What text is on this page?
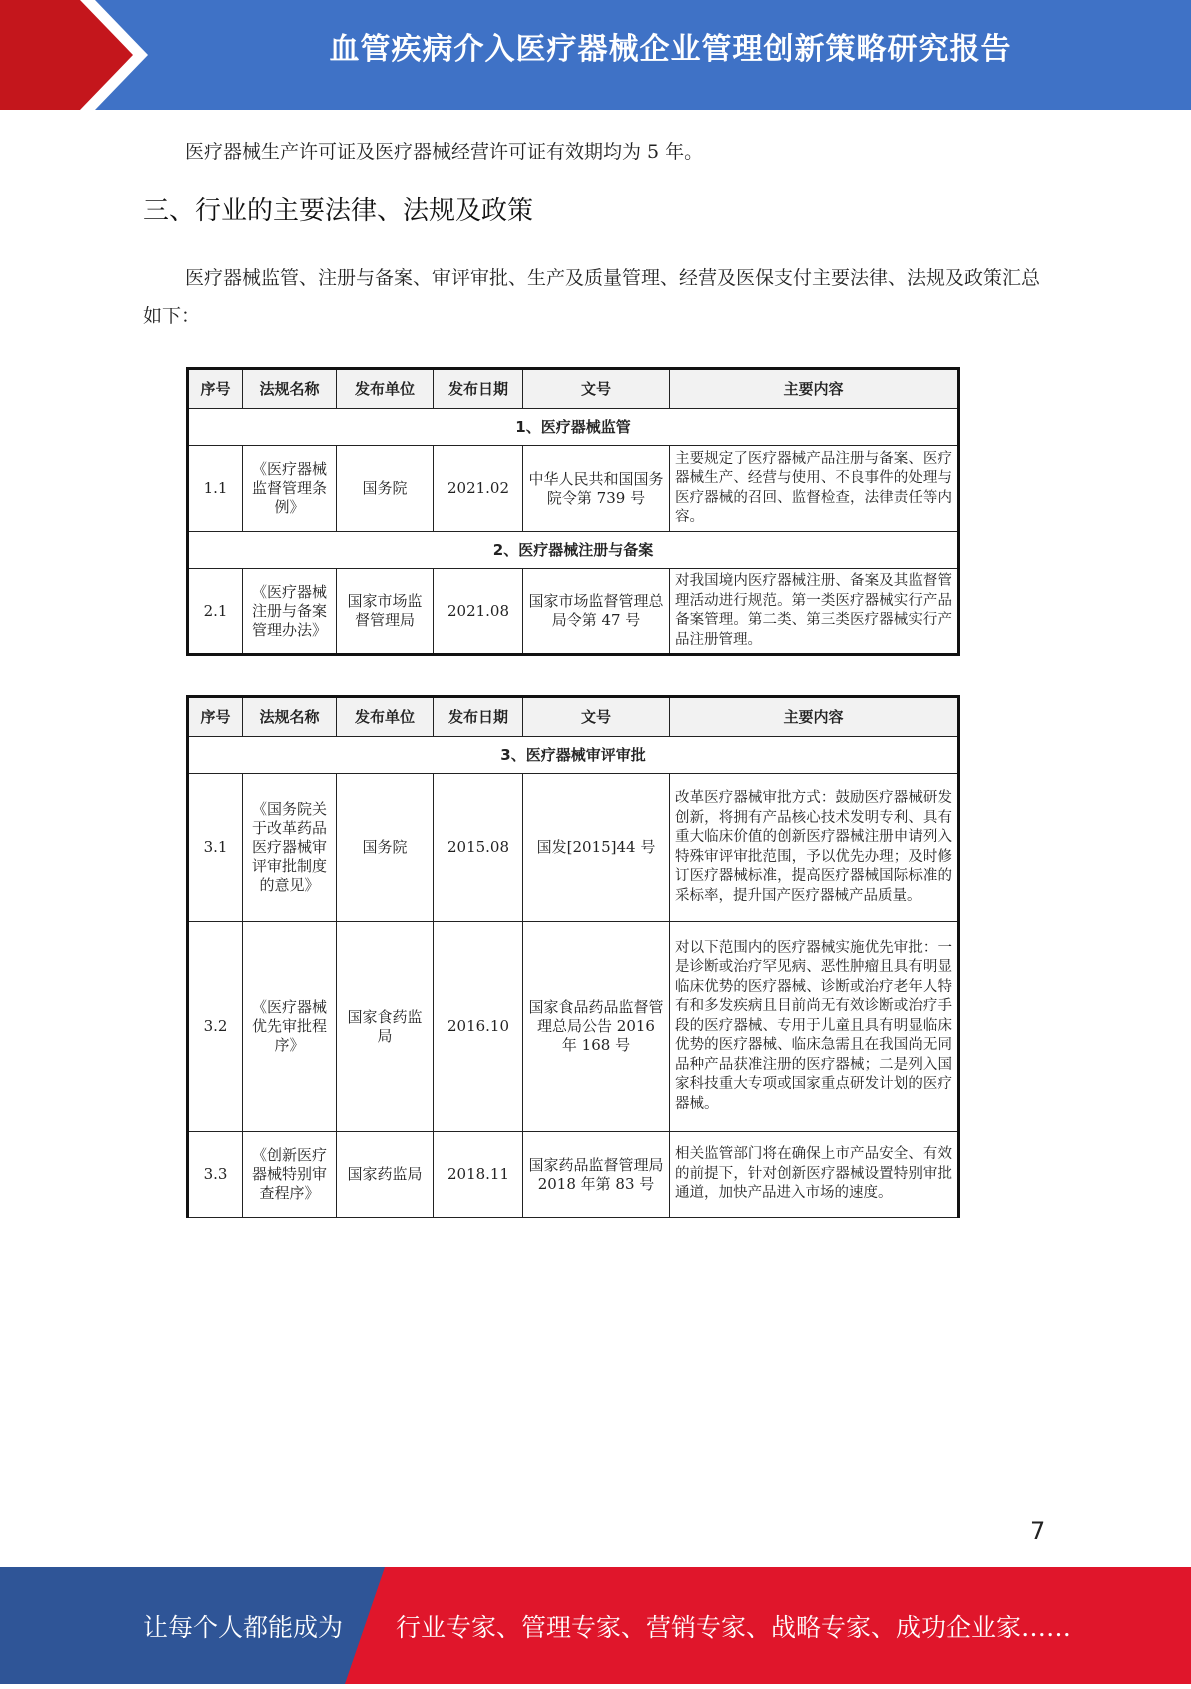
血管疾病介入医疗器械企业管理创新策略研究报告
医疗器械生产许可证及医疗器械经营许可证有效期均为 5 年。
三、行业的主要法律、法规及政策
医疗器械监管、注册与备案、审评审批、生产及质量管理、经营及医保支付主要法律、法规及政策汇总如下：
序号	法规名称	发布单位	发布日期	文号	主要内容
1、医疗器械监管					
1.1	《医疗器械监督管理条例》	国务院	2021.02	中华人民共和国国务院令第 739 号	主要规定了医疗器械产品注册与备案、医疗器械生产、经营与使用、不良事件的处理与医疗器械的召回、监督检查，法律责任等内容。
2、医疗器械注册与备案					
2.1	《医疗器械注册与备案管理办法》	国家市场监督管理局	2021.08	国家市场监督管理总局令第 47 号	对我国境内医疗器械注册、备案及其监督管理活动进行规范。第一类医疗器械实行产品备案管理。第二类、第三类医疗器械实行产品注册管理。
序号	法规名称	发布单位	发布日期	文号	主要内容
3、医疗器械审评审批					
3.1	《国务院关于改革药品医疗器械审评审批制度的意见》	国务院	2015.08	国发[2015]44 号	改革医疗器械审批方式：鼓励医疗器械研发创新，将拥有产品核心技术发明专利、具有重大临床价值的创新医疗器械注册申请列入特殊审评审批范围，予以优先办理；及时修订医疗器械标准，提高医疗器械国际标准的采标率，提升国产医疗器械产品质量。
3.2	《医疗器械优先审批程序》	国家食药监局	2016.10	国家食品药品监督管理总局公告 2016 年 168 号	对以下范围内的医疗器械实施优先审批：一是诊断或治疗罕见病、恶性肿瘤且具有明显临床优势的医疗器械、诊断或治疗老年人特有和多发疾病且目前尚无有效诊断或治疗手段的医疗器械、专用于儿童且具有明显临床优势的医疗器械、临床急需且在我国尚无同品种产品获准注册的医疗器械；二是列入国家科技重大专项或国家重点研发计划的医疗器械。
3.3	《创新医疗器械特别审查程序》	国家药监局	2018.11	国家药品监督管理局 2018 年第 83 号	相关监管部门将在确保上市产品安全、有效的前提下，针对创新医疗器械设置特别审批通道，加快产品进入市场的速度。
7
让每个人都能成为 行业专家、管理专家、营销专家、战略专家、成功企业家……
